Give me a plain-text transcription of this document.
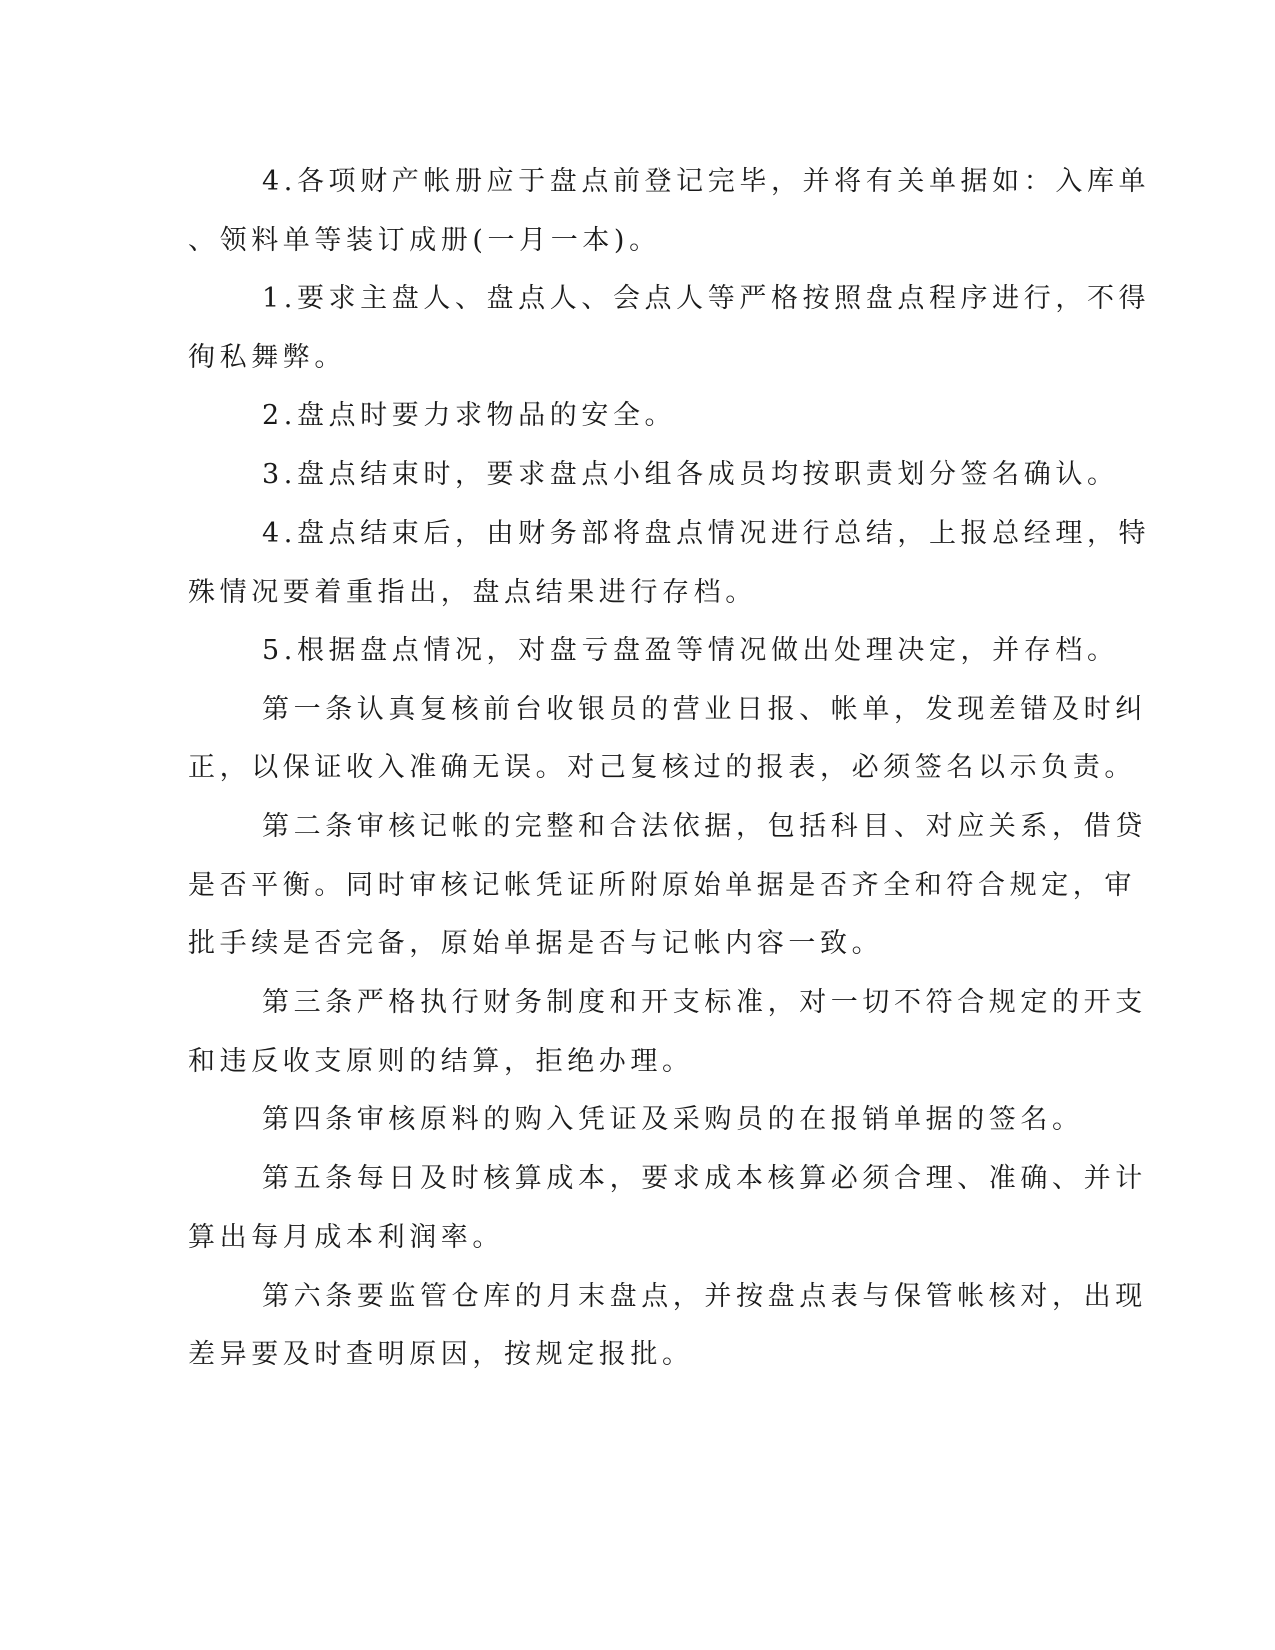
4.各项财产帐册应于盘点前登记完毕，并将有关单据如：入库单

、领料单等装订成册(一月一本)。

1.要求主盘人、盘点人、会点人等严格按照盘点程序进行，不得

徇私舞弊。

2.盘点时要力求物品的安全。

3.盘点结束时，要求盘点小组各成员均按职责划分签名确认。

4.盘点结束后，由财务部将盘点情况进行总结，上报总经理，特

殊情况要着重指出，盘点结果进行存档。

5.根据盘点情况，对盘亏盘盈等情况做出处理决定，并存档。

第一条认真复核前台收银员的营业日报、帐单，发现差错及时纠

正，以保证收入准确无误。对己复核过的报表，必须签名以示负责。

第二条审核记帐的完整和合法依据，包括科目、对应关系，借贷

是否平衡。同时审核记帐凭证所附原始单据是否齐全和符合规定，审

批手续是否完备，原始单据是否与记帐内容一致。

第三条严格执行财务制度和开支标准，对一切不符合规定的开支

和违反收支原则的结算，拒绝办理。

第四条审核原料的购入凭证及采购员的在报销单据的签名。

第五条每日及时核算成本，要求成本核算必须合理、准确、并计

算出每月成本利润率。

第六条要监管仓库的月末盘点，并按盘点表与保管帐核对，出现

差异要及时查明原因，按规定报批。
